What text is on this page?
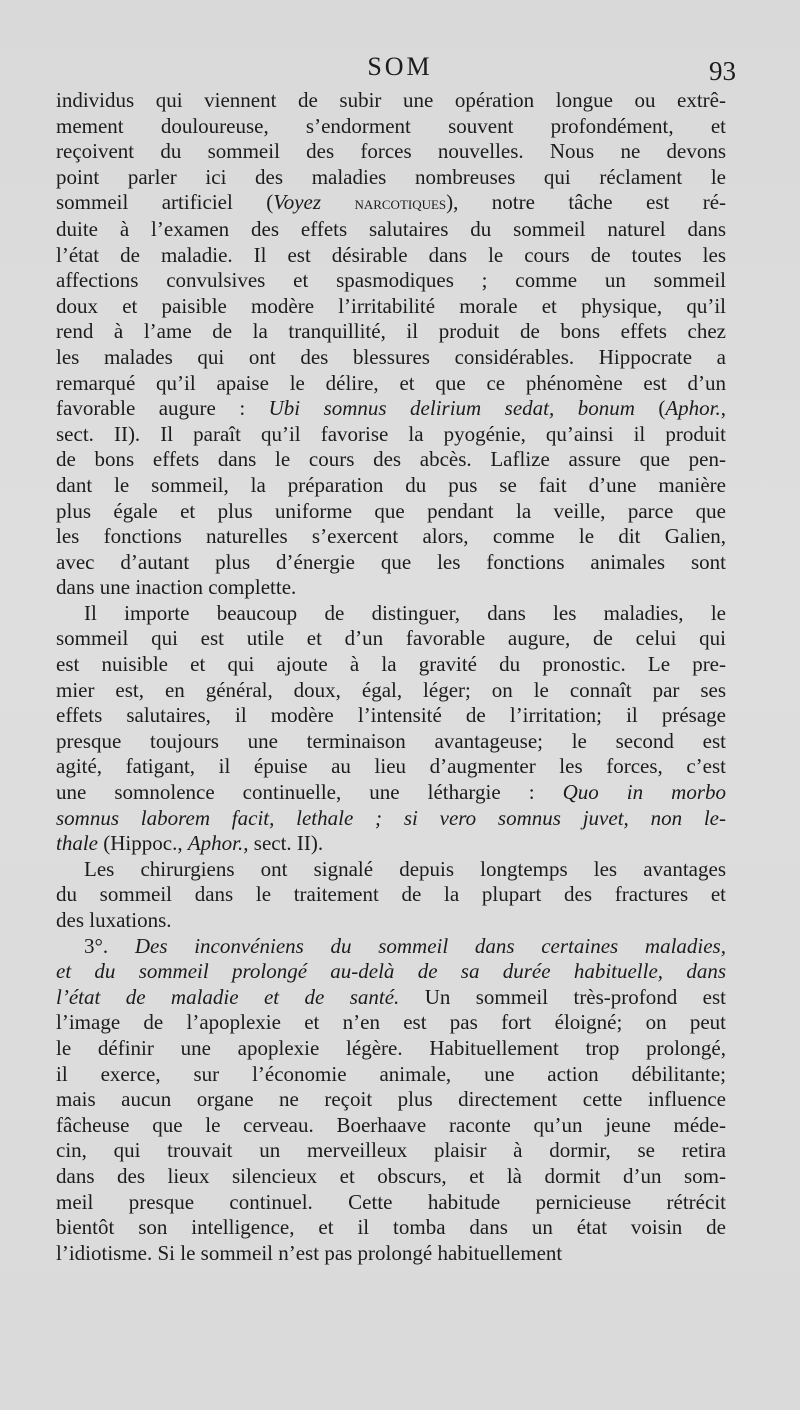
SOM	93
individus qui viennent de subir une opération longue ou extrê-
mement douloureuse, s’endorment souvent profondément, et
reçoivent du sommeil des forces nouvelles. Nous ne devons
point parler ici des maladies nombreuses qui réclament le
sommeil artificiel (Voyez narcotiques), notre tâche est ré-
duite à l’examen des effets salutaires du sommeil naturel dans
l’état de maladie. Il est désirable dans le cours de toutes les
affections convulsives et spasmodiques ; comme un sommeil
doux et paisible modère l’irritabilité morale et physique, qu’il
rend à l’ame de la tranquillité, il produit de bons effets chez
les malades qui ont des blessures considérables. Hippocrate a
remarqué qu’il apaise le délire, et que ce phénomène est d’un
favorable augure : Ubi somnus delirium sedat, bonum (Aphor.,
sect. II). Il paraît qu’il favorise la pyogénie, qu’ainsi il produit
de bons effets dans le cours des abcès. Laflize assure que pen-
dant le sommeil, la préparation du pus se fait d’une manière
plus égale et plus uniforme que pendant la veille, parce que
les fonctions naturelles s’exercent alors, comme le dit Galien,
avec d’autant plus d’énergie que les fonctions animales sont
dans une inaction complette.
Il importe beaucoup de distinguer, dans les maladies, le
sommeil qui est utile et d’un favorable augure, de celui qui
est nuisible et qui ajoute à la gravité du pronostic. Le pre-
mier est, en général, doux, égal, léger; on le connaît par ses
effets salutaires, il modère l’intensité de l’irritation; il présage
presque toujours une terminaison avantageuse; le second est
agité, fatigant, il épuise au lieu d’augmenter les forces, c’est
une somnolence continuelle, une léthargie : Quo in morbo
somnus laborem facit, lethale ; si vero somnus juvet, non le-
thale (Hippoc., Aphor., sect. II).
Les chirurgiens ont signalé depuis longtemps les avantages
du sommeil dans le traitement de la plupart des fractures et
des luxations.
3°. Des inconvéniens du sommeil dans certaines maladies,
et du sommeil prolongé au-delà de sa durée habituelle, dans
l’état de maladie et de santé. Un sommeil très-profond est
l’image de l’apoplexie et n’en est pas fort éloigné; on peut
le définir une apoplexie légère. Habituellement trop prolongé,
il exerce, sur l’économie animale, une action débilitante;
mais aucun organe ne reçoit plus directement cette influence
fâcheuse que le cerveau. Boerhaave raconte qu’un jeune méde-
cin, qui trouvait un merveilleux plaisir à dormir, se retira
dans des lieux silencieux et obscurs, et là dormit d’un som-
meil presque continuel. Cette habitude pernicieuse rétrécit
bientôt son intelligence, et il tomba dans un état voisin de
l’idiotisme. Si le sommeil n’est pas prolongé habituellement
